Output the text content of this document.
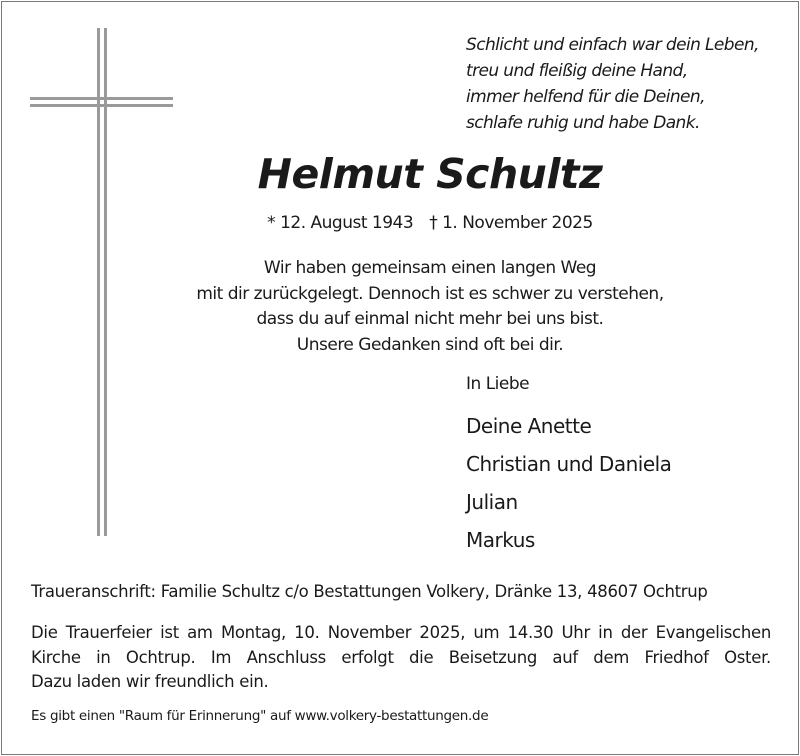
Schlicht und einfach war dein Leben,
treu und fleißig deine Hand,
immer helfend für die Deinen,
schlafe ruhig und habe Dank.
Helmut Schultz
* 12. August 1943 † 1. November 2025
Wir haben gemeinsam einen langen Weg
mit dir zurückgelegt. Dennoch ist es schwer zu verstehen,
dass du auf einmal nicht mehr bei uns bist.
Unsere Gedanken sind oft bei dir.
In Liebe
Deine Anette
Christian und Daniela
Julian
Markus
Traueranschrift: Familie Schultz c/o Bestattungen Volkery, Dränke 13, 48607 Ochtrup
Die Trauerfeier ist am Montag, 10. November 2025, um 14.30 Uhr in der Evangelischen
Kirche in Ochtrup. Im Anschluss erfolgt die Beisetzung auf dem Friedhof Oster.
Dazu laden wir freundlich ein.
Es gibt einen "Raum für Erinnerung" auf www.volkery-bestattungen.de
